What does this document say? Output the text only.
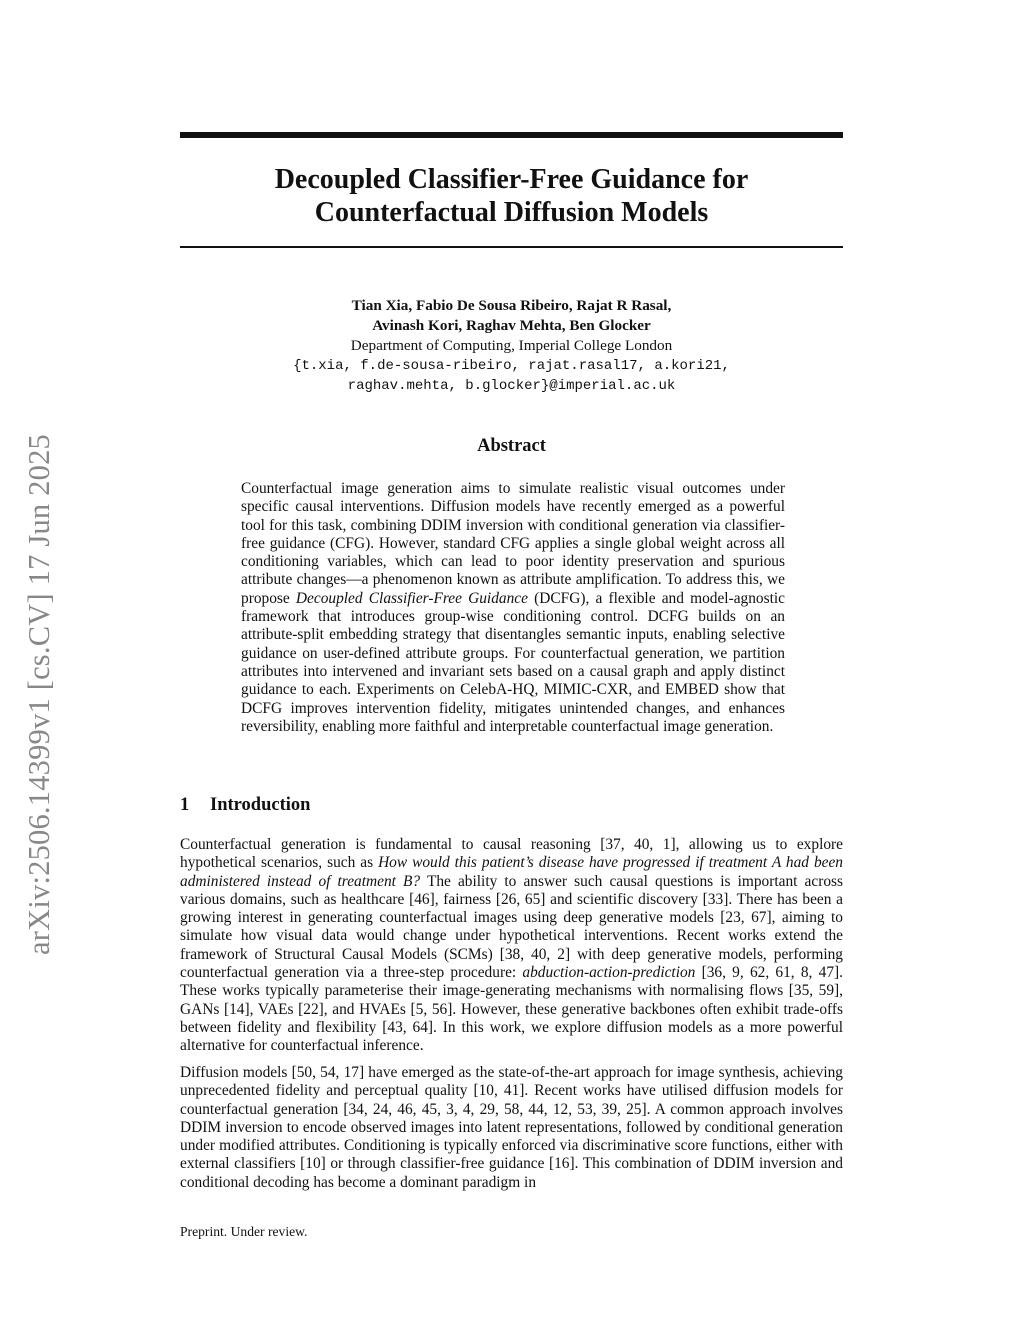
arXiv:2506.14399v1 [cs.CV] 17 Jun 2025
Decoupled Classifier-Free Guidance for
Counterfactual Diffusion Models
Tian Xia, Fabio De Sousa Ribeiro, Rajat R Rasal,
Avinash Kori, Raghav Mehta, Ben Glocker
Department of Computing, Imperial College London
{t.xia, f.de-sousa-ribeiro, rajat.rasal17, a.kori21,
raghav.mehta, b.glocker}@imperial.ac.uk
Abstract
Counterfactual image generation aims to simulate realistic visual outcomes under specific causal interventions. Diffusion models have recently emerged as a powerful tool for this task, combining DDIM inversion with conditional generation via classifier-free guidance (CFG). However, standard CFG applies a single global weight across all conditioning variables, which can lead to poor identity preservation and spurious attribute changes—a phenomenon known as attribute amplification. To address this, we propose Decoupled Classifier-Free Guidance (DCFG), a flexible and model-agnostic framework that introduces group-wise conditioning control. DCFG builds on an attribute-split embedding strategy that disentangles semantic inputs, enabling selective guidance on user-defined attribute groups. For counterfactual generation, we partition attributes into intervened and invariant sets based on a causal graph and apply distinct guidance to each. Experiments on CelebA-HQ, MIMIC-CXR, and EMBED show that DCFG improves intervention fidelity, mitigates unintended changes, and enhances reversibility, enabling more faithful and interpretable counterfactual image generation.
1 Introduction
Counterfactual generation is fundamental to causal reasoning [37, 40, 1], allowing us to explore hypothetical scenarios, such as How would this patient’s disease have progressed if treatment A had been administered instead of treatment B? The ability to answer such causal questions is important across various domains, such as healthcare [46], fairness [26, 65] and scientific discovery [33]. There has been a growing interest in generating counterfactual images using deep generative models [23, 67], aiming to simulate how visual data would change under hypothetical interventions. Recent works extend the framework of Structural Causal Models (SCMs) [38, 40, 2] with deep generative models, performing counterfactual generation via a three-step procedure: abduction-action-prediction [36, 9, 62, 61, 8, 47]. These works typically parameterise their image-generating mechanisms with normalising flows [35, 59], GANs [14], VAEs [22], and HVAEs [5, 56]. However, these generative backbones often exhibit trade-offs between fidelity and flexibility [43, 64]. In this work, we explore diffusion models as a more powerful alternative for counterfactual inference.
Diffusion models [50, 54, 17] have emerged as the state-of-the-art approach for image synthesis, achieving unprecedented fidelity and perceptual quality [10, 41]. Recent works have utilised diffusion models for counterfactual generation [34, 24, 46, 45, 3, 4, 29, 58, 44, 12, 53, 39, 25]. A common approach involves DDIM inversion to encode observed images into latent representations, followed by conditional generation under modified attributes. Conditioning is typically enforced via discriminative score functions, either with external classifiers [10] or through classifier-free guidance [16]. This combination of DDIM inversion and conditional decoding has become a dominant paradigm in
Preprint. Under review.
